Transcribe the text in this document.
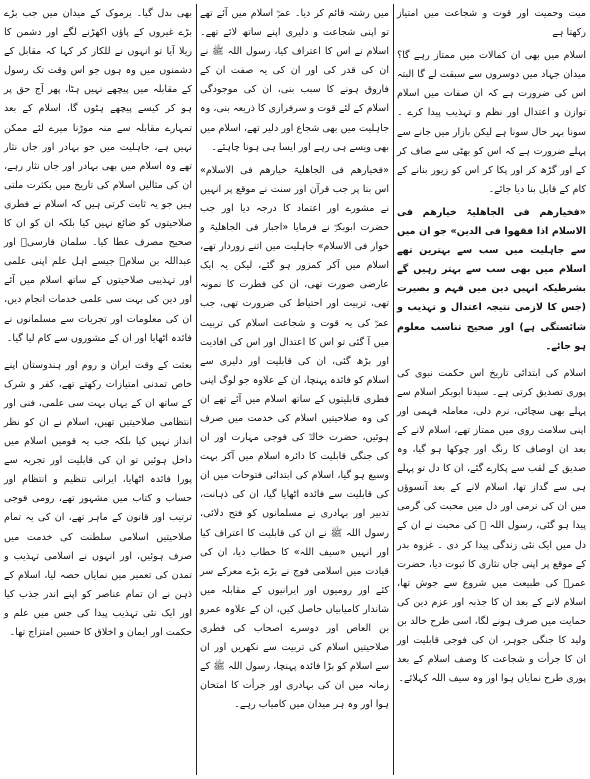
میت وحمیت اور قوت و شجاعت میں امتیاز رکھتا ہے

اسلام میں بھی ان کمالات میں ممتاز رہے گا؟ میدان جہاد میں دوسروں سے سبقت لے گا البتہ اس کی ضرورت ہے کہ ان صفات میں اسلام توازن و اعتدال اور نظم و تہذیب پیدا کرے ۔ سونا بہر حال سونا ہے لیکن بازار میں جانے سے پہلے ضرورت ہے کہ اس کو بھٹی سے صاف کر کے اور گڑھ کر اور پکا کر اس کو زیور بنانے کے کام کے قابل بنا دیا جائے۔

«فخیارھم فی الجاھلیۃ خیارھم فی الاسلام اذا فقھوا فی الدین» جو ان میں سے جاہلیت میں سب سے بہترین تھے اسلام میں بھی سب سے بہتر رہیں گے بشرطیکہ انہیں دین میں فہم و بصیرت (جس کا لازمی نتیجہ اعتدال و تہذیب و شائستگی ہے) اور صحیح تناسب معلوم ہو جائے۔

اسلام کی ابتدائی تاریخ اس حکمت نبوی کی پوری تصدیق کرتی ہے۔ سیدنا ابوبکر اسلام سے پہلے بھی سچائی، نرم دلی، معاملہ فہمی اور اپنی سلامت روی میں ممتاز تھے، اسلام لانے کے بعد ان اوصاف کا رنگ اور چوکھا ہو گیا، وہ صدیق کے لقب سے پکارے گئے، ان کا دل تو پہلے ہی سے گداز تھا، اسلام لانے کے بعد آنسوؤں میں ان کی نرمی اور دل میں محبت کی گرمی پیدا ہو گئی، رسول اللہ ﷺ کی محبت نے ان کے دل میں ایک نئی زندگی پیدا کر دی ۔ غزوہ بدر کے موقع پر اپنی جاں نثاری کا ثبوت دیا، حضرت عمرؓ کی طبیعت میں شروع سے جوش تھا، اسلام لانے کے بعد ان کا جذبہ اور عزم دین کی حمایت میں صرف ہونے لگا، اسی طرح خالد بن ولید کا جنگی جوہر، ان کی فوجی قابلیت اور ان کا جرأت و شجاعت کا وصف اسلام کے بعد پوری طرح نمایاں ہوا اور وہ سیف اللہ کہلائے۔

میں رشتہ قائم کر دیا۔ عمرؓ اسلام میں آئے تھے تو اپنی شجاعت و دلیری اپنے ساتھ لائے تھے۔ اسلام نے اس کا اعتراف کیا، رسول اللہ ﷺ نے ان کی قدر کی اور ان کی یہ صفت ان کے فاروق ہونے کا سبب بنی، ان کی موجودگی اسلام کے لئے قوت و سرفرازی کا ذریعہ بنی، وہ جاہلیت میں بھی شجاع اور دلیر تھے، اسلام میں بھی ویسے ہی رہے اور ایسا ہی ہونا چاہئے۔

«فخیارھم فی الجاھلیۃ خیارھم فی الاسلام» اس بنا پر جب قرآن اور سنت نے موقع پر انہیں نے مشورے اور اعتماد کا درجہ دیا اور جب حضرت ابوبکرؓ نے فرمایا «اجبار فی الجاھلیۃ و خوار فی الاسلام» جاہلیت میں اتنے زوردار تھے، اسلام میں آکر کمزور ہو گئے، لیکن یہ ایک عارضی صورت تھی، ان کی فطرت کا نمونہ تھی، تربیت اور احتیاط کی ضرورت تھی، جب عمرؓ کی یہ قوت و شجاعت اسلام کی تربیت میں آ گئی تو اس کا اعتدال اور اس کی افادیت اور بڑھ گئی، ان کی قابلیت اور دلیری سے اسلام کو فائدہ پہنچا، ان کے علاوہ جو لوگ اپنی فطری قابلیتوں کے ساتھ اسلام میں آئے تھے ان کی وہ صلاحیتیں اسلام کی خدمت میں صرف ہوئیں، حضرت خالدؓ کی فوجی مہارت اور ان کی جنگی قابلیت کا دائرہ اسلام میں آکر بہت وسیع ہو گیا، اسلام کی ابتدائی فتوحات میں ان کی قابلیت سے فائدہ اٹھایا گیا، ان کی ذہانت، تدبیر اور بہادری نے مسلمانوں کو فتح دلائی، رسول اللہ ﷺ نے ان کی قابلیت کا اعتراف کیا اور انہیں «سیف اللہ» کا خطاب دیا، ان کی قیادت میں اسلامی فوج نے بڑے بڑے معرکے سر کئے اور رومیوں اور ایرانیوں کے مقابلہ میں شاندار کامیابیاں حاصل کیں، ان کے علاوہ عمرو بن العاص اور دوسرے اصحاب کی فطری صلاحیتیں اسلام کی تربیت سے نکھریں اور ان سے اسلام کو بڑا فائدہ پہنچا، رسول اللہ ﷺ کے زمانہ میں ان کی بہادری اور جرأت کا امتحان ہوا اور وہ ہر میدان میں کامیاب رہے۔

بھی بدل گیا۔ یرموک کے میدان میں جب بڑے بڑے غیروں کے پاؤں اکھڑنے لگے اور دشمن کا ریلا آیا تو انہوں نے للکار کر کہا کہ مقابل کے دشمنوں میں وہ ہوں جو اس وقت تک رسول کے مقابلہ میں پیچھے نہیں ہٹا، پھر آج حق پر ہو کر کیسے پیچھے ہٹوں گا، اسلام کے بعد تمہارے مقابلہ سے منہ موڑنا میرے لئے ممکن نہیں ہے، جاہلیت میں جو بہادر اور جاں نثار تھے وہ اسلام میں بھی بہادر اور جاں نثار رہے، ان کی مثالیں اسلام کی تاریخ میں بکثرت ملتی ہیں جو یہ ثابت کرتی ہیں کہ اسلام نے فطری صلاحیتوں کو ضائع نہیں کیا بلکہ ان کو ان کا صحیح مصرف عطا کیا۔ سلمان فارسیؓ اور عبداللہ بن سلامؓ جیسے اہل علم اپنی علمی اور تہذیبی صلاحیتوں کے ساتھ اسلام میں آئے اور دین کی بہت سی علمی خدمات انجام دیں، ان کی معلومات اور تجربات سے مسلمانوں نے فائدہ اٹھایا اور ان کے مشوروں سے کام لیا گیا۔

بعثت کے وقت ایران و روم اور ہندوستان اپنے خاص تمدنی امتیازات رکھتے تھے، کفر و شرک کے ساتھ ان کے یہاں بہت سی علمی، فنی اور انتظامی صلاحیتیں تھیں، اسلام نے ان کو نظر انداز نہیں کیا بلکہ جب یہ قومیں اسلام میں داخل ہوئیں تو ان کی قابلیت اور تجربہ سے پورا فائدہ اٹھایا، ایرانی تنظیم و انتظام اور حساب و کتاب میں مشہور تھے، رومی فوجی ترتیب اور قانون کے ماہر تھے، ان کی یہ تمام صلاحیتیں اسلامی سلطنت کی خدمت میں صرف ہوئیں، اور انہوں نے اسلامی تہذیب و تمدن کی تعمیر میں نمایاں حصہ لیا، اسلام کے ذہن نے ان تمام عناصر کو اپنے اندر جذب کیا اور ایک نئی تہذیب پیدا کی جس میں علم و حکمت اور ایمان و اخلاق کا حسین امتزاج تھا۔
